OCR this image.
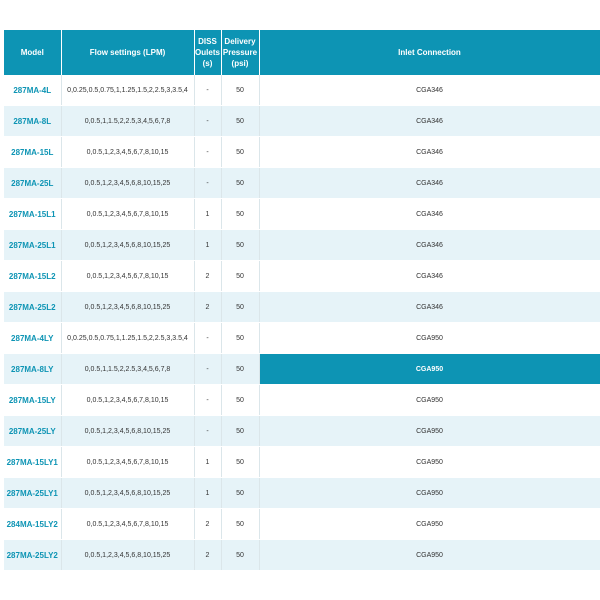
Model	Flow settings (LPM)	DISS Oulets (s)	Delivery Pressure (psi)	Inlet Connection
287MA-4L	0,0.25,0.5,0.75,1,1.25,1.5,2,2.5,3,3.5,4	-	50	CGA346
287MA-8L	0,0.5,1,1.5,2,2.5,3,4,5,6,7,8	-	50	CGA346
287MA-15L	0,0.5,1,2,3,4,5,6,7,8,10,15	-	50	CGA346
287MA-25L	0,0.5,1,2,3,4,5,6,8,10,15,25	-	50	CGA346
287MA-15L1	0,0.5,1,2,3,4,5,6,7,8,10,15	1	50	CGA346
287MA-25L1	0,0.5,1,2,3,4,5,6,8,10,15,25	1	50	CGA346
287MA-15L2	0,0.5,1,2,3,4,5,6,7,8,10,15	2	50	CGA346
287MA-25L2	0,0.5,1,2,3,4,5,6,8,10,15,25	2	50	CGA346
287MA-4LY	0,0.25,0.5,0.75,1,1.25,1.5,2,2.5,3,3.5,4	-	50	CGA950
287MA-8LY	0,0.5,1,1.5,2,2.5,3,4,5,6,7,8	-	50	CGA950
287MA-15LY	0,0.5,1,2,3,4,5,6,7,8,10,15	-	50	CGA950
287MA-25LY	0,0.5,1,2,3,4,5,6,8,10,15,25	-	50	CGA950
287MA-15LY1	0,0.5,1,2,3,4,5,6,7,8,10,15	1	50	CGA950
287MA-25LY1	0,0.5,1,2,3,4,5,6,8,10,15,25	1	50	CGA950
284MA-15LY2	0,0.5,1,2,3,4,5,6,7,8,10,15	2	50	CGA950
287MA-25LY2	0,0.5,1,2,3,4,5,6,8,10,15,25	2	50	CGA950
